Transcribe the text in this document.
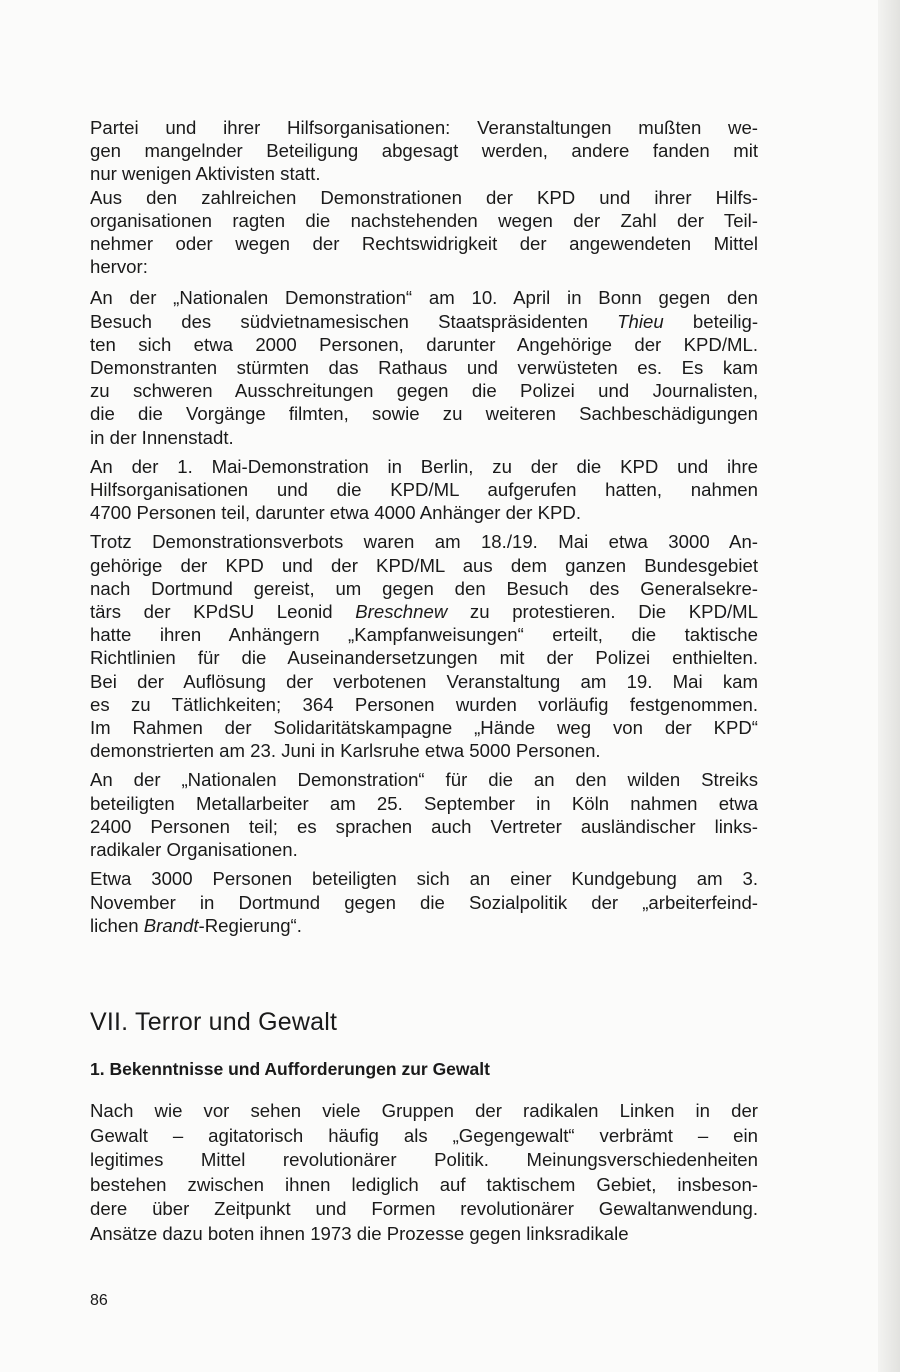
Partei und ihrer Hilfsorganisationen: Veranstaltungen mußten we-
gen mangelnder Beteiligung abgesagt werden, andere fanden mit
nur wenigen Aktivisten statt.

Aus den zahlreichen Demonstrationen der KPD und ihrer Hilfs-
organisationen ragten die nachstehenden wegen der Zahl der Teil-
nehmer oder wegen der Rechtswidrigkeit der angewendeten Mittel
hervor:

An der „Nationalen Demonstration“ am 10. April in Bonn gegen den
Besuch des südvietnamesischen Staatspräsidenten Thieu beteilig-
ten sich etwa 2000 Personen, darunter Angehörige der KPD/ML.
Demonstranten stürmten das Rathaus und verwüsteten es. Es kam
zu schweren Ausschreitungen gegen die Polizei und Journalisten,
die die Vorgänge filmten, sowie zu weiteren Sachbeschädigungen
in der Innenstadt.

An der 1. Mai-Demonstration in Berlin, zu der die KPD und ihre
Hilfsorganisationen und die KPD/ML aufgerufen hatten, nahmen
4700 Personen teil, darunter etwa 4000 Anhänger der KPD.

Trotz Demonstrationsverbots waren am 18./19. Mai etwa 3000 An-
gehörige der KPD und der KPD/ML aus dem ganzen Bundesgebiet
nach Dortmund gereist, um gegen den Besuch des Generalsekre-
tärs der KPdSU Leonid Breschnew zu protestieren. Die KPD/ML
hatte ihren Anhängern „Kampfanweisungen“ erteilt, die taktische
Richtlinien für die Auseinandersetzungen mit der Polizei enthielten.
Bei der Auflösung der verbotenen Veranstaltung am 19. Mai kam
es zu Tätlichkeiten; 364 Personen wurden vorläufig festgenommen.
Im Rahmen der Solidaritätskampagne „Hände weg von der KPD“
demonstrierten am 23. Juni in Karlsruhe etwa 5000 Personen.

An der „Nationalen Demonstration“ für die an den wilden Streiks
beteiligten Metallarbeiter am 25. September in Köln nahmen etwa
2400 Personen teil; es sprachen auch Vertreter ausländischer links-
radikaler Organisationen.

Etwa 3000 Personen beteiligten sich an einer Kundgebung am 3.
November in Dortmund gegen die Sozialpolitik der „arbeiterfeind-
lichen Brandt-Regierung“.

VII. Terror und Gewalt
1. Bekenntnisse und Aufforderungen zur Gewalt

Nach wie vor sehen viele Gruppen der radikalen Linken in der
Gewalt – agitatorisch häufig als „Gegengewalt“ verbrämt – ein
legitimes Mittel revolutionärer Politik. Meinungsverschiedenheiten
bestehen zwischen ihnen lediglich auf taktischem Gebiet, insbeson-
dere über Zeitpunkt und Formen revolutionärer Gewaltanwendung.
Ansätze dazu boten ihnen 1973 die Prozesse gegen linksradikale

86
